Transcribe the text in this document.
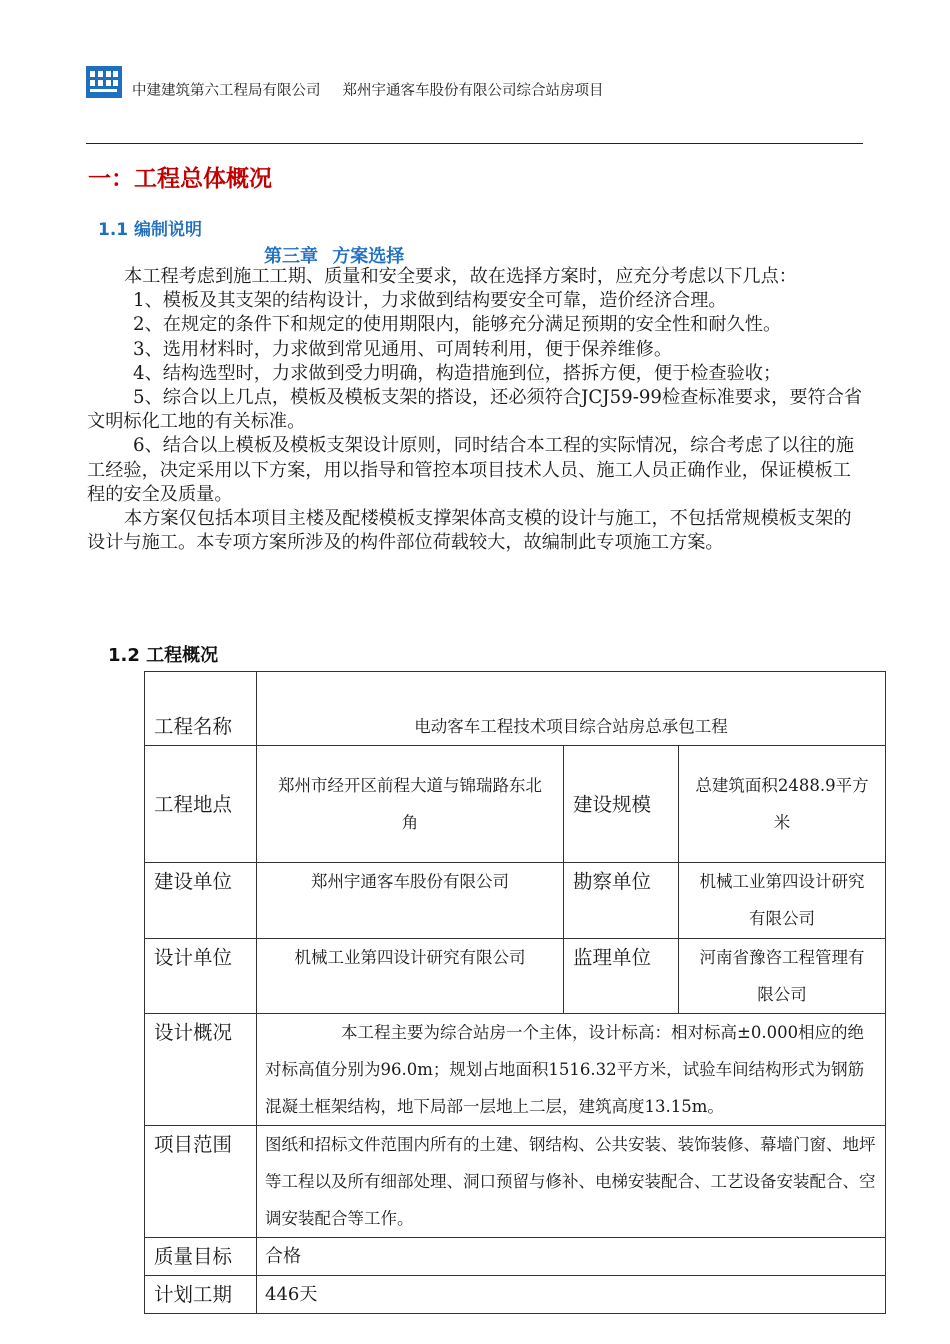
中建建筑第六工程局有限公司 郑州宇通客车股份有限公司综合站房项目
一：工程总体概况
1.1 编制说明
第三章 方案选择

本工程考虑到施工工期、质量和安全要求，故在选择方案时，应充分考虑以下几点：

1、模板及其支架的结构设计，力求做到结构要安全可靠，造价经济合理。

2、在规定的条件下和规定的使用期限内，能够充分满足预期的安全性和耐久性。

3、选用材料时，力求做到常见通用、可周转利用，便于保养维修。

4、结构选型时，力求做到受力明确，构造措施到位，搭拆方便，便于检查验收；

5、综合以上几点，模板及模板支架的搭设，还必须符合JCJ59-99检查标准要求，要符合省文明标化工地的有关标准。

6、结合以上模板及模板支架设计原则，同时结合本工程的实际情况，综合考虑了以往的施工经验，决定采用以下方案，用以指导和管控本项目技术人员、施工人员正确作业，保证模板工程的安全及质量。

本方案仅包括本项目主楼及配楼模板支撑架体高支模的设计与施工，不包括常规模板支架的设计与施工。本专项方案所涉及的构件部位荷载较大，故编制此专项施工方案。

1.2 工程概况
工程名称	电动客车工程技术项目综合站房总承包工程		
工程地点	郑州市经开区前程大道与锦瑞路东北角	建设规模	总建筑面积2488.9平方米
建设单位	郑州宇通客车股份有限公司	勘察单位	机械工业第四设计研究有限公司
设计单位	机械工业第四设计研究有限公司	监理单位	河南省豫咨工程管理有限公司
设计概况	本工程主要为综合站房一个主体，设计标高：相对标高±0.000相应的绝对标高值分别为96.0m；规划占地面积1516.32平方米，试验车间结构形式为钢筋混凝土框架结构，地下局部一层地上二层，建筑高度13.15m。		
项目范围	图纸和招标文件范围内所有的土建、钢结构、公共安装、装饰装修、幕墙门窗、地坪等工程以及所有细部处理、洞口预留与修补、电梯安装配合、工艺设备安装配合、空调安装配合等工作。		
质量目标	合格		
计划工期	446天		
